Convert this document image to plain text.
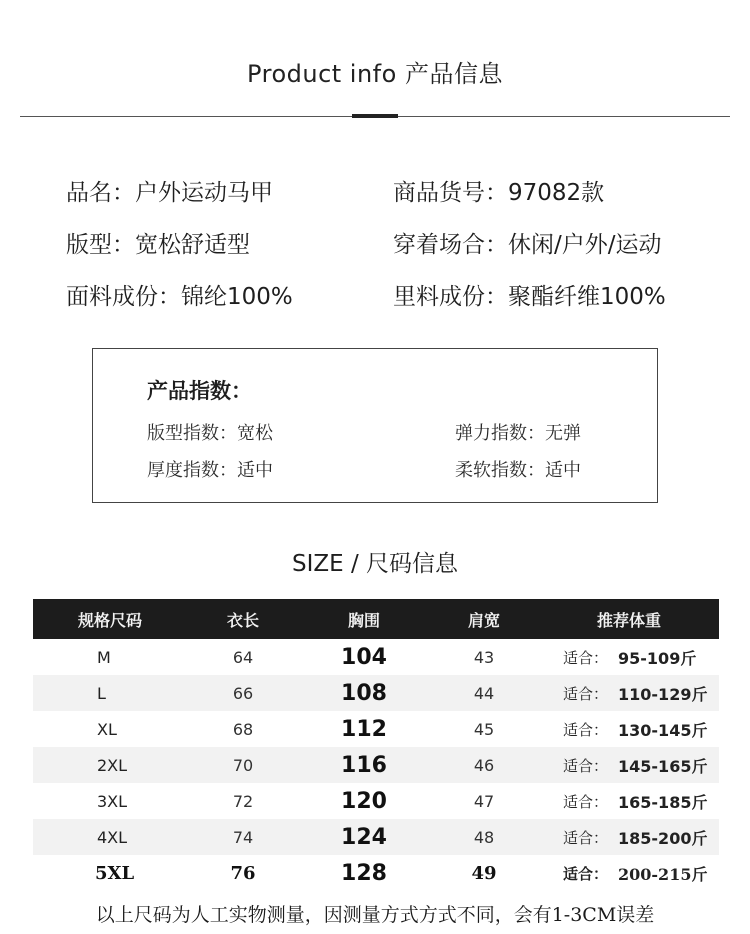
Product info 产品信息
品名：户外运动马甲	商品货号：97082款
版型：宽松舒适型	穿着场合：休闲/户外/运动
面料成份：锦纶100%	里料成份：聚酯纤维100%
产品指数：
版型指数：宽松	弹力指数：无弹
厚度指数：适中	柔软指数：适中
SIZE / 尺码信息
规格尺码	衣长	胸围	肩宽	推荐体重
M	64	104	43	适合： 95-109斤
L	66	108	44	适合： 110-129斤
XL	68	112	45	适合： 130-145斤
2XL	70	116	46	适合： 145-165斤
3XL	72	120	47	适合： 165-185斤
4XL	74	124	48	适合： 185-200斤
5XL	76	128	49	适合： 200-215斤
以上尺码为人工实物测量，因测量方式方式不同，会有1-3CM误差
